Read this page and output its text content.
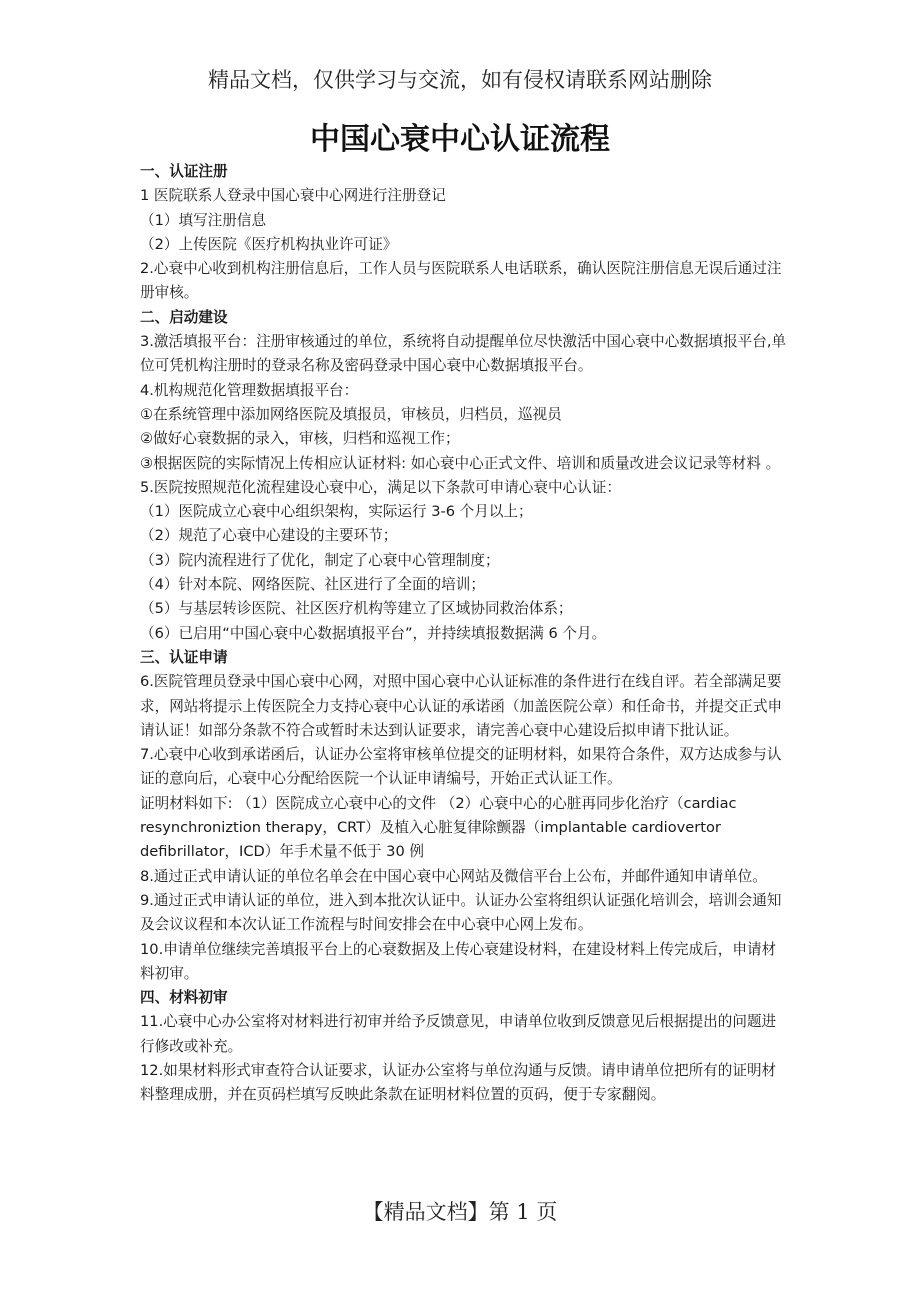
精品文档，仅供学习与交流，如有侵权请联系网站删除
中国心衰中心认证流程

一、认证注册

1 医院联系人登录中国心衰中心网进行注册登记

（1）填写注册信息

（2）上传医院《医疗机构执业许可证》

2.心衰中心收到机构注册信息后，工作人员与医院联系人电话联系，确认医院注册信息无误后通过注册审核。

二、启动建设

3.激活填报平台：注册审核通过的单位，系统将自动提醒单位尽快激活中国心衰中心数据填报平台,单位可凭机构注册时的登录名称及密码登录中国心衰中心数据填报平台。

4.机构规范化管理数据填报平台：

①在系统管理中添加网络医院及填报员，审核员，归档员，巡视员

②做好心衰数据的录入，审核，归档和巡视工作；

③根据医院的实际情况上传相应认证材料: 如心衰中心正式文件、培训和质量改进会议记录等材料 。

5.医院按照规范化流程建设心衰中心，满足以下条款可申请心衰中心认证：

（1）医院成立心衰中心组织架构，实际运行 3-6 个月以上；

（2）规范了心衰中心建设的主要环节；

（3）院内流程进行了优化，制定了心衰中心管理制度；

（4）针对本院、网络医院、社区进行了全面的培训；

（5）与基层转诊医院、社区医疗机构等建立了区域协同救治体系；

（6）已启用“中国心衰中心数据填报平台”，并持续填报数据满 6 个月。

三、认证申请

6.医院管理员登录中国心衰中心网，对照中国心衰中心认证标准的条件进行在线自评。若全部满足要求，网站将提示上传医院全力支持心衰中心认证的承诺函（加盖医院公章）和任命书，并提交正式申请认证！如部分条款不符合或暂时未达到认证要求，请完善心衰中心建设后拟申请下批认证。

7.心衰中心收到承诺函后，认证办公室将审核单位提交的证明材料，如果符合条件，双方达成参与认证的意向后，心衰中心分配给医院一个认证申请编号，开始正式认证工作。

证明材料如下: （1）医院成立心衰中心的文件 （2）心衰中心的心脏再同步化治疗（cardiac resynchroniztion therapy，CRT）及植入心脏复律除颤器（implantable cardiovertor defibrillator，ICD）年手术量不低于 30 例

8.通过正式申请认证的单位名单会在中国心衰中心网站及微信平台上公布，并邮件通知申请单位。

9.通过正式申请认证的单位，进入到本批次认证中。认证办公室将组织认证强化培训会，培训会通知及会议议程和本次认证工作流程与时间安排会在中心衰中心网上发布。

10.申请单位继续完善填报平台上的心衰数据及上传心衰建设材料，在建设材料上传完成后，申请材料初审。

四、材料初审

11.心衰中心办公室将对材料进行初审并给予反馈意见，申请单位收到反馈意见后根据提出的问题进行修改或补充。

12.如果材料形式审查符合认证要求，认证办公室将与单位沟通与反馈。请申请单位把所有的证明材料整理成册，并在页码栏填写反映此条款在证明材料位置的页码，便于专家翻阅。

【精品文档】第 1 页
